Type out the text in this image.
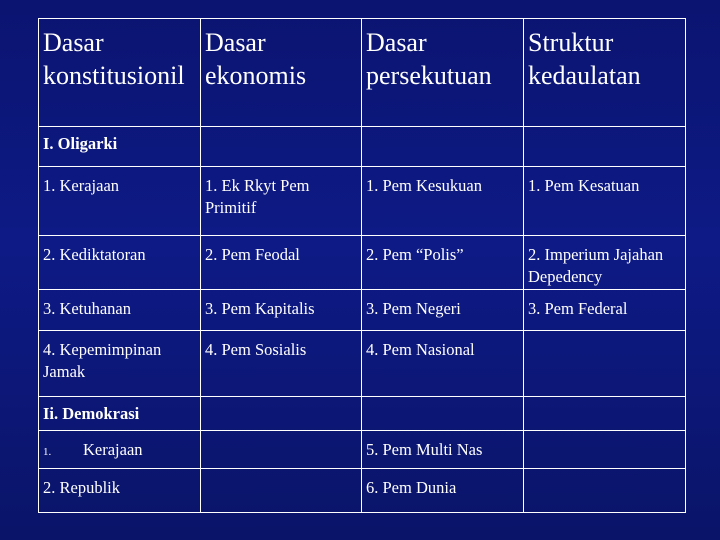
Dasar konstitusionil	Dasar ekonomis	Dasar persekutuan	Struktur kedaulatan
I. Oligarki			
1. Kerajaan	1. Ek Rkyt Pem Primitif	1. Pem Kesukuan	1. Pem Kesatuan
2. Kediktatoran	2. Pem Feodal	2. Pem “Polis”	2. Imperium Jajahan Depedency
3. Ketuhanan	3. Pem Kapitalis	3. Pem Negeri	3. Pem Federal
4. Kepemimpinan Jamak	4. Pem Sosialis	4. Pem Nasional	
Ii. Demokrasi			
1. Kerajaan		5. Pem Multi Nas	
2. Republik		6. Pem Dunia	
